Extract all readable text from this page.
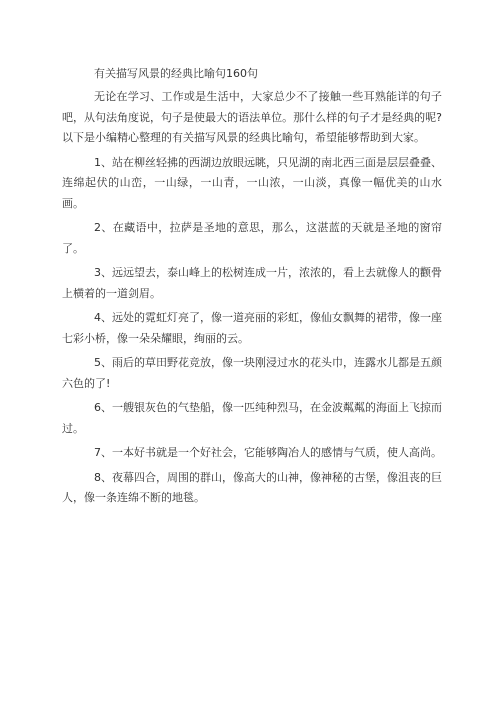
有关描写风景的经典比喻句160句

无论在学习、工作或是生活中，大家总少不了接触一些耳熟能详的句子吧，从句法角度说，句子是使最大的语法单位。那什么样的句子才是经典的呢?以下是小编精心整理的有关描写风景的经典比喻句，希望能够帮助到大家。

1、站在柳丝轻拂的西湖边放眼远眺，只见湖的南北西三面是层层叠叠、连绵起伏的山峦，一山绿，一山青，一山浓，一山淡，真像一幅优美的山水画。

2、在藏语中，拉萨是圣地的意思，那么，这湛蓝的天就是圣地的窗帘了。

3、远远望去，泰山峰上的松树连成一片，浓浓的，看上去就像人的颧骨上横着的一道剑眉。

4、远处的霓虹灯亮了，像一道亮丽的彩虹，像仙女飘舞的裙带，像一座七彩小桥，像一朵朵耀眼，绚丽的云。

5、雨后的草田野花竞放，像一块刚浸过水的花头巾，连露水儿都是五颜六色的了!

6、一艘银灰色的气垫船，像一匹纯种烈马，在金波粼粼的海面上飞掠而过。

7、一本好书就是一个好社会，它能够陶冶人的感情与气质，使人高尚。

8、夜幕四合，周围的群山，像高大的山神，像神秘的古堡，像沮丧的巨人，像一条连绵不断的地毯。
